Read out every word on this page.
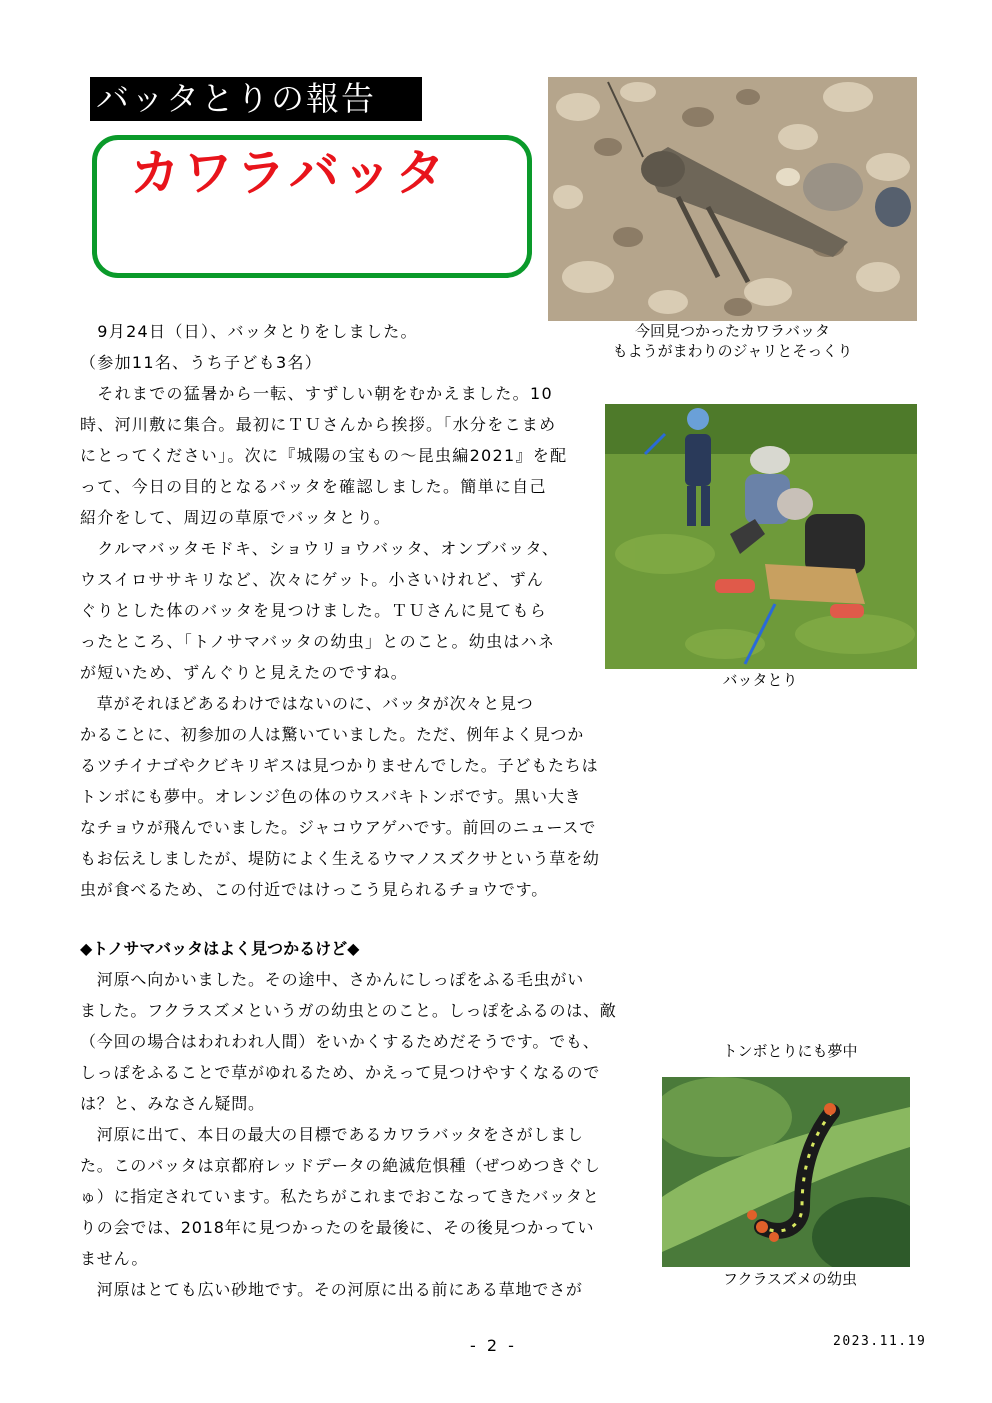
バッタとりの報告
カワラバッタ
今回見つかったカワラバッタ
もようがまわりのジャリとそっくり
バッタとり
トンボとりにも夢中
フクラスズメの幼虫

　9月24日（日）、バッタとりをしました。

（参加11名、うち子ども3名）

　それまでの猛暑から一転、すずしい朝をむかえました。10

時、河川敷に集合。最初にＴＵさんから挨拶。「水分をこまめ

にとってください」。次に『城陽の宝もの～昆虫編2021』を配

って、今日の目的となるバッタを確認しました。簡単に自己

紹介をして、周辺の草原でバッタとり。

　クルマバッタモドキ、ショウリョウバッタ、オンブバッタ、

ウスイロササキリなど、次々にゲット。小さいけれど、ずん

ぐりとした体のバッタを見つけました。ＴＵさんに見てもら

ったところ、「トノサマバッタの幼虫」とのこと。幼虫はハネ

が短いため、ずんぐりと見えたのですね。

　草がそれほどあるわけではないのに、バッタが次々と見つ

かることに、初参加の人は驚いていました。ただ、例年よく見つか

るツチイナゴやクビキリギスは見つかりませんでした。子どもたちは

トンボにも夢中。オレンジ色の体のウスバキトンボです。黒い大き

なチョウが飛んでいました。ジャコウアゲハです。前回のニュースで

もお伝えしましたが、堤防によく生えるウマノスズクサという草を幼

虫が食べるため、この付近ではけっこう見られるチョウです。

◆トノサマバッタはよく見つかるけど◆

　河原へ向かいました。その途中、さかんにしっぽをふる毛虫がい

ました。フクラスズメというガの幼虫とのこと。しっぽをふるのは、敵

（今回の場合はわれわれ人間）をいかくするためだそうです。でも、

しっぽをふることで草がゆれるため、かえって見つけやすくなるので

は？と、みなさん疑問。

　河原に出て、本日の最大の目標であるカワラバッタをさがしまし

た。このバッタは京都府レッドデータの絶滅危惧種（ぜつめつきぐし

ゅ）に指定されています。私たちがこれまでおこなってきたバッタと

りの会では、2018年に見つかったのを最後に、その後見つかってい

ません。

　河原はとても広い砂地です。その河原に出る前にある草地でさが

- 2 -	2023.11.19
